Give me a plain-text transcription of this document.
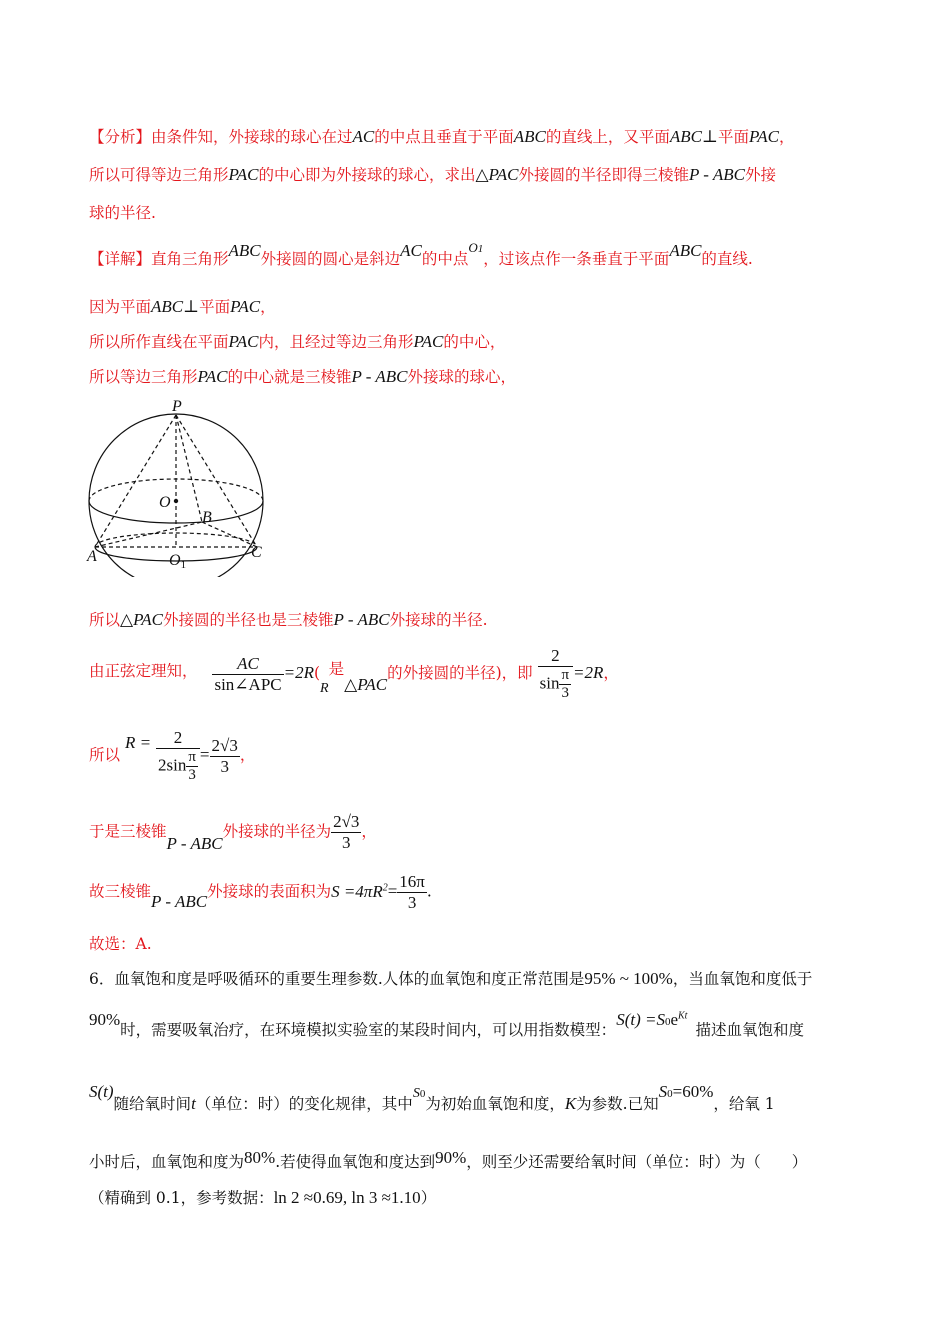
【分析】由条件知，外接球的球心在过AC的中点且垂直于平面ABC的直线上，又平面ABC⊥平面PAC，
所以可得等边三角形PAC的中心即为外接球的球心，求出△PAC外接圆的半径即得三棱锥P - ABC外接
球的半径.
【详解】直角三角形ABC外接圆的圆心是斜边AC的中点$^{O1}$，过该点作一条垂直于平面ABC的直线.
因为平面ABC⊥平面PAC，
所以所作直线在平面PAC内，且经过等边三角形PAC的中心，
所以等边三角形PAC的中心就是三棱锥P - ABC外接球的球心，
P
O
B
A	C
O1
所以△PAC外接圆的半径也是三棱锥P - ABC外接球的半径.
由正弦定理知， $\frac{AC}{\text{sin∠APC}} =2R(R$是△PAC的外接圆的半径)，即 $\frac{2}{\sin \frac{\pi}{3}} =2R$，
所以 $R = \frac{2}{2\sin \frac{\pi}{3}} = \frac{2√3}{3}$ ，
于是三棱锥P - ABC外接球的半径为 $\frac{2√3}{3}$ ，
故三棱锥P - ABC外接球的表面积为$S =4\pi R^2= \frac{16\pi}{3}$ .
故选：A.
6．血氧饱和度是呼吸循环的重要生理参数.人体的血氧饱和度正常范围是95% ~ 100%，当血氧饱和度低于
90%时，需要吸氧治疗，在环境模拟实验室的某段时间内，可以用指数模型：$S(t) =S0e^{Kt}$描述血氧饱和度
S(t)随给氧时间t（单位：时）的变化规律，其中S0为初始血氧饱和度，K为参数.已知S0=60%，给氧 1
小时后，血氧饱和度为80%.若使得血氧饱和度达到90%，则至少还需要给氧时间（单位：时）为（　　）
（精确到 0.1，参考数据：ln 2 ≈0.69, ln 3 ≈1.10）
